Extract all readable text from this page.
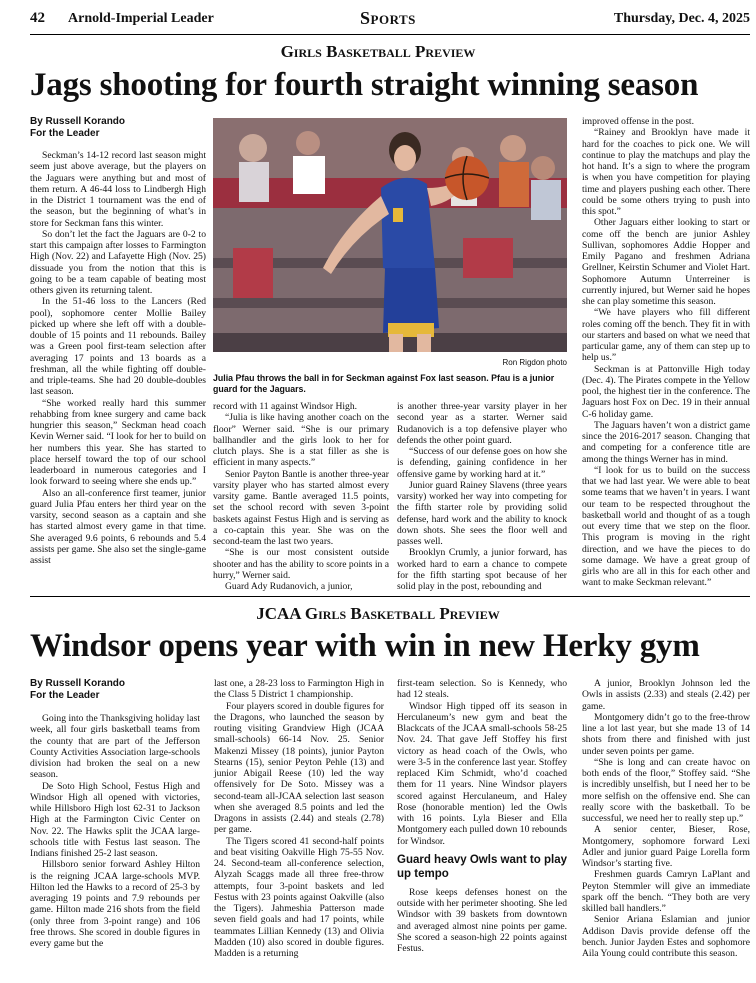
42 Arnold-Imperial Leader	Sports	Thursday, Dec. 4, 2025
Girls Basketball Preview
Jags shooting for fourth straight winning season
By Russell Korando
For the Leader

Seckman’s 14-12 record last season might seem just above average, but the players on the Jaguars were anything but and most of them return. A 46-44 loss to Lindbergh High in the District 1 tournament was the end of the season, but the beginning of what’s in store for Seckman fans this winter.

So don’t let the fact the Jaguars are 0-2 to start this campaign after losses to Farmington High (Nov. 22) and Lafayette High (Nov. 25) dissuade you from the notion that this is going to be a team capable of beating most others given its returning talent.

In the 51-46 loss to the Lancers (Red pool), sophomore center Mollie Bailey picked up where she left off with a double-double of 15 points and 11 rebounds. Bailey was a Green pool first-team selection after averaging 17 points and 13 boards as a freshman, all the while fighting off double- and triple-teams. She had 20 double-doubles last season.

“She worked really hard this summer rehabbing from knee surgery and came back hungrier this season,” Seckman head coach Kevin Werner said. “I look for her to build on her numbers this year. She has started to place herself toward the top of our school leaderboard in numerous categories and I look forward to seeing where she ends up.”

Also an all-conference first teamer, junior guard Julia Pfau enters her third year on the varsity, second season as a captain and she has started almost every game in that time. She averaged 9.6 points, 6 rebounds and 5.4 assists per game. She also set the single-game assist

Ron Rigdon photo
Julia Pfau throws the ball in for Seckman against Fox last season. Pfau is a junior guard for the Jaguars.

record with 11 against Windsor High.

“Julia is like having another coach on the floor” Werner said. “She is our primary ballhandler and the girls look to her for clutch plays. She is a stat filler as she is efficient in many aspects.”

Senior Payton Bantle is another three-year varsity player who has started almost every varsity game. Bantle averaged 11.5 points, set the school record with seven 3-point baskets against Festus High and is serving as a co-captain this year. She was on the second-team the last two years.

“She is our most consistent outside shooter and has the ability to score points in a hurry,” Werner said.

Guard Ady Rudanovich, a junior,

is another three-year varsity player in her second year as a starter. Werner said Rudanovich is a top defensive player who defends the other point guard.

“Success of our defense goes on how she is defending, gaining confidence in her offensive game by working hard at it.”

Junior guard Rainey Slavens (three years varsity) worked her way into competing for the fifth starter role by providing solid defense, hard work and the ability to knock down shots. She sees the floor well and passes well.

Brooklyn Crumly, a junior forward, has worked hard to earn a chance to compete for the fifth starting spot because of her solid play in the post, rebounding and

improved offense in the post.

“Rainey and Brooklyn have made it hard for the coaches to pick one. We will continue to play the matchups and play the hot hand. It’s a sign to where the program is when you have competition for playing time and players pushing each other. There could be some others trying to push into this spot.”

Other Jaguars either looking to start or come off the bench are junior Ashley Sullivan, sophomores Addie Hopper and Emily Pagano and freshmen Adriana Grellner, Keirstin Schumer and Violet Hart. Sophomore Autumn Unterreiner is currently injured, but Werner said he hopes she can play sometime this season.

“We have players who fill different roles coming off the bench. They fit in with our starters and based on what we need that particular game, any of them can step up to help us.”

Seckman is at Pattonville High today (Dec. 4). The Pirates compete in the Yellow pool, the highest tier in the conference. The Jaguars host Fox on Dec. 19 in their annual C-6 holiday game.

The Jaguars haven’t won a district game since the 2016-2017 season. Changing that and competing for a conference title are among the things Werner has in mind.

“I look for us to build on the success that we had last year. We were able to beat some teams that we haven’t in years. I want our team to be respected throughout the basketball world and thought of as a tough out every time that we step on the floor. This program is moving in the right direction, and we have the pieces to do some damage. We have a great group of girls who are all in this for each other and want to make Seckman relevant.”

JCAA Girls Basketball Preview
Windsor opens year with win in new Herky gym
By Russell Korando
For the Leader

Going into the Thanksgiving holiday last week, all four girls basketball teams from the county that are part of the Jefferson County Activities Association large-schools division had broken the seal on a new season.

De Soto High School, Festus High and Windsor High all opened with victories, while Hillsboro High lost 62-31 to Jackson High at the Farmington Civic Center on Nov. 22. The Hawks split the JCAA large-schools title with Festus last season. The Indians finished 25-2 last season.

Hillsboro senior forward Ashley Hilton is the reigning JCAA large-schools MVP. Hilton led the Hawks to a record of 25-3 by averaging 19 points and 7.9 rebounds per game. Hilton made 216 shots from the field (only three from 3-point range) and 106 free throws. She scored in double figures in every game but the

last one, a 28-23 loss to Farmington High in the Class 5 District 1 championship.

Four players scored in double figures for the Dragons, who launched the season by routing visiting Grandview High (JCAA small-schools) 66-14 Nov. 25. Senior Makenzi Missey (18 points), junior Payton Stearns (15), senior Peyton Pehle (13) and junior Abigail Reese (10) led the way offensively for De Soto. Missey was a second-team all-JCAA selection last season when she averaged 8.5 points and led the Dragons in assists (2.44) and steals (2.78) per game.

The Tigers scored 41 second-half points and beat visiting Oakville High 75-55 Nov. 24. Second-team all-conference selection, Alyzah Scaggs made all three free-throw attempts, four 3-point baskets and led Festus with 23 points against Oakville (also the Tigers). Jahmeshia Patterson made seven field goals and had 17 points, while teammates Lillian Kennedy (13) and Olivia Madden (10) also scored in double figures. Madden is a returning

first-team selection. So is Kennedy, who had 12 steals.

Windsor High tipped off its season in Herculaneum’s new gym and beat the Blackcats of the JCAA small-schools 58-25 Nov. 24. That gave Jeff Stoffey his first victory as head coach of the Owls, who were 3-5 in the conference last year. Stoffey replaced Kim Schmidt, who’d coached them for 11 years. Nine Windsor players scored against Herculaneum, and Haley Rose (honorable mention) led the Owls with 16 points. Lyla Bieser and Ella Montgomery each pulled down 10 rebounds for Windsor.

Guard heavy Owls want to play up tempo

Rose keeps defenses honest on the outside with her perimeter shooting. She led Windsor with 39 baskets from downtown and averaged almost nine points per game. She scored a season-high 22 points against Festus.

A junior, Brooklyn Johnson led the Owls in assists (2.33) and steals (2.42) per game.

Montgomery didn’t go to the free-throw line a lot last year, but she made 13 of 14 shots from there and finished with just under seven points per game.

“She is long and can create havoc on both ends of the floor,” Stoffey said. “She is incredibly unselfish, but I need her to be more selfish on the offensive end. She can really score with the basketball. To be successful, we need her to really step up.”

A senior center, Bieser, Rose, Montgomery, sophomore forward Lexi Adler and junior guard Paige Lorella form Windsor’s starting five.

Freshmen guards Camryn LaPlant and Peyton Stemmler will give an immediate spark off the bench. “They both are very skilled ball handlers.”

Senior Ariana Eslamian and junior Addison Davis provide defense off the bench. Junior Jayden Estes and sophomore Aila Young could contribute this season.
